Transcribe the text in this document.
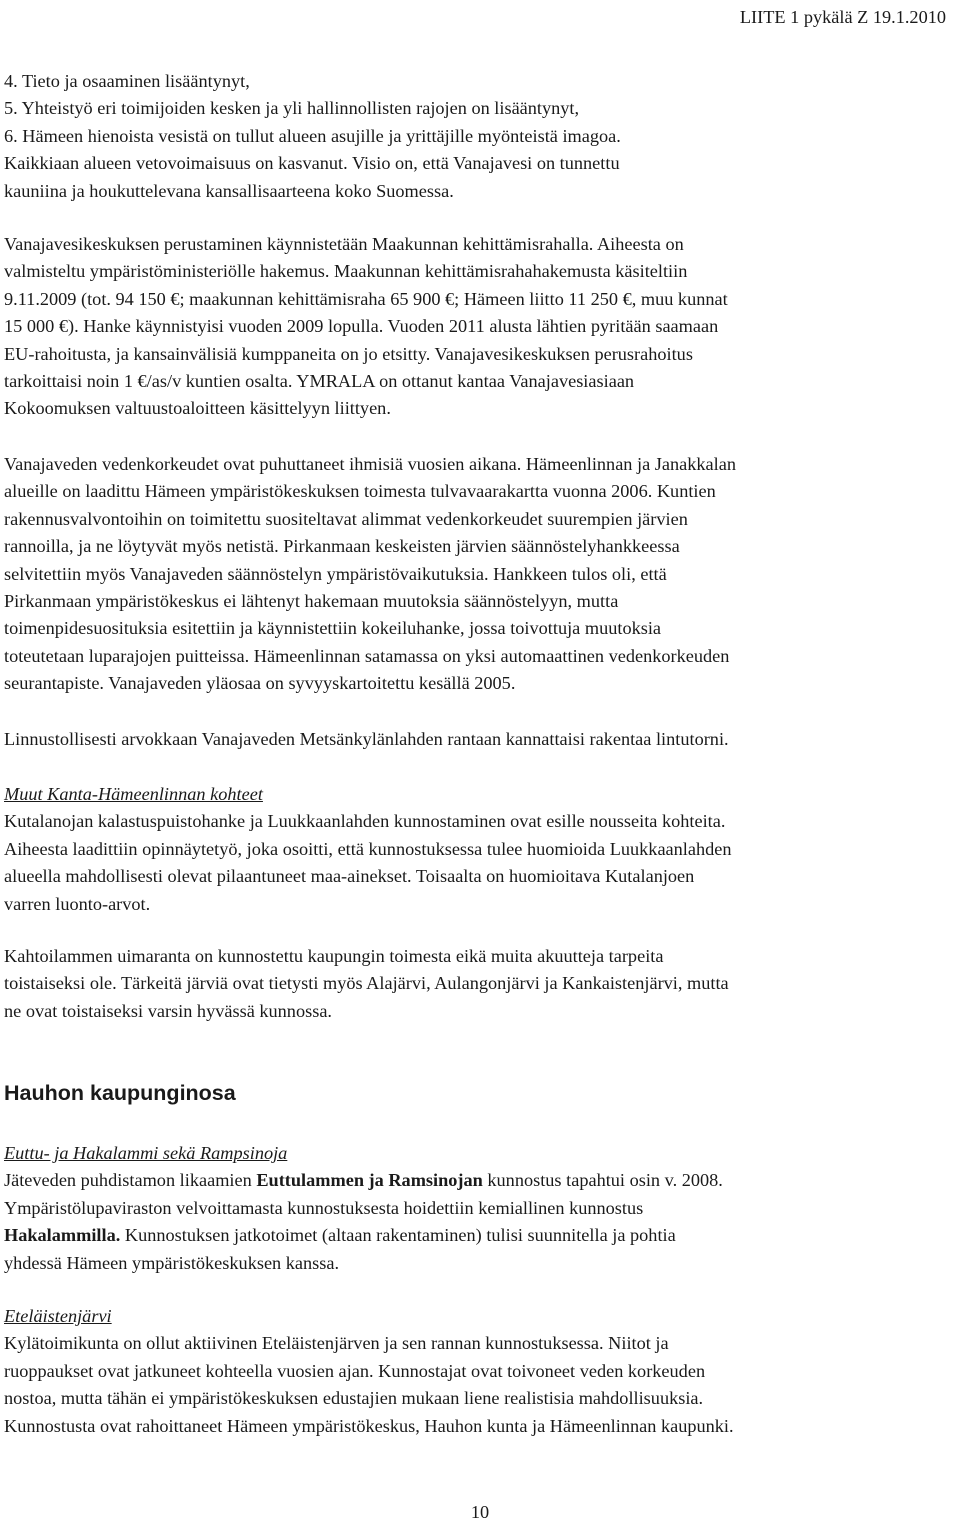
LIITE 1 pykälä Z 19.1.2010
4. Tieto ja osaaminen lisääntynyt,
5. Yhteistyö eri toimijoiden kesken ja yli hallinnollisten rajojen on lisääntynyt,
6. Hämeen hienoista vesistä on tullut alueen asujille ja yrittäjille myönteistä imagoa.
Kaikkiaan alueen vetovoimaisuus on kasvanut. Visio on, että Vanajavesi on tunnettu
kauniina ja houkuttelevana kansallisaarteena koko Suomessa.
Vanajavesikeskuksen perustaminen käynnistetään Maakunnan kehittämisrahalla. Aiheesta on
valmisteltu ympäristöministeriölle hakemus. Maakunnan kehittämisrahahakemusta käsiteltiin
9.11.2009 (tot. 94 150 €; maakunnan kehittämisraha 65 900 €; Hämeen liitto 11 250 €, muu kunnat
15 000 €). Hanke käynnistyisi vuoden 2009 lopulla. Vuoden 2011 alusta lähtien pyritään saamaan
EU-rahoitusta, ja kansainvälisiä kumppaneita on jo etsitty. Vanajavesikeskuksen perusrahoitus
tarkoittaisi noin 1 €/as/v kuntien osalta. YMRALA on ottanut kantaa Vanajavesiasiaan
Kokoomuksen valtuustoaloitteen käsittelyyn liittyen.
Vanajaveden vedenkorkeudet ovat puhuttaneet ihmisiä vuosien aikana. Hämeenlinnan ja Janakkalan
alueille on laadittu Hämeen ympäristökeskuksen toimesta tulvavaarakartta vuonna 2006. Kuntien
rakennusvalvontoihin on toimitettu suositeltavat alimmat vedenkorkeudet suurempien järvien
rannoilla, ja ne löytyvät myös netistä. Pirkanmaan keskeisten järvien säännöstelyhankkeessa
selvitettiin myös Vanajaveden säännöstelyn ympäristövaikutuksia. Hankkeen tulos oli, että
Pirkanmaan ympäristökeskus ei lähtenyt hakemaan muutoksia säännöstelyyn, mutta
toimenpidesuosituksia esitettiin ja käynnistettiin kokeiluhanke, jossa toivottuja muutoksia
toteutetaan luparajojen puitteissa. Hämeenlinnan satamassa on yksi automaattinen vedenkorkeuden
seurantapiste. Vanajaveden yläosaa on syvyyskartoitettu kesällä 2005.
Linnustollisesti arvokkaan Vanajaveden Metsänkylänlahden rantaan kannattaisi rakentaa lintutorni.
Muut Kanta-Hämeenlinnan kohteet
Kutalanojan kalastuspuistohanke ja Luukkaanlahden kunnostaminen ovat esille nousseita kohteita.
Aiheesta laadittiin opinnäytetyö, joka osoitti, että kunnostuksessa tulee huomioida Luukkaanlahden
alueella mahdollisesti olevat pilaantuneet maa-ainekset. Toisaalta on huomioitava Kutalanjoen
varren luonto-arvot.
Kahtoilammen uimaranta on kunnostettu kaupungin toimesta eikä muita akuutteja tarpeita
toistaiseksi ole. Tärkeitä järviä ovat tietysti myös Alajärvi, Aulangonjärvi ja Kankaistenjärvi, mutta
ne ovat toistaiseksi varsin hyvässä kunnossa.
Hauhon kaupunginosa
Euttu- ja Hakalammi sekä Rampsinoja
Jäteveden puhdistamon likaamien Euttulammen ja Ramsinojan kunnostus tapahtui osin v. 2008.
Ympäristölupaviraston velvoittamasta kunnostuksesta hoidettiin kemiallinen kunnostus
Hakalammilla. Kunnostuksen jatkotoimet (altaan rakentaminen) tulisi suunnitella ja pohtia
yhdessä Hämeen ympäristökeskuksen kanssa.
Eteläistenjärvi
Kylätoimikunta on ollut aktiivinen Eteläistenjärven ja sen rannan kunnostuksessa. Niitot ja
ruoppaukset ovat jatkuneet kohteella vuosien ajan. Kunnostajat ovat toivoneet veden korkeuden
nostoa, mutta tähän ei ympäristökeskuksen edustajien mukaan liene realistisia mahdollisuuksia.
Kunnostusta ovat rahoittaneet Hämeen ympäristökeskus, Hauhon kunta ja Hämeenlinnan kaupunki.
10
